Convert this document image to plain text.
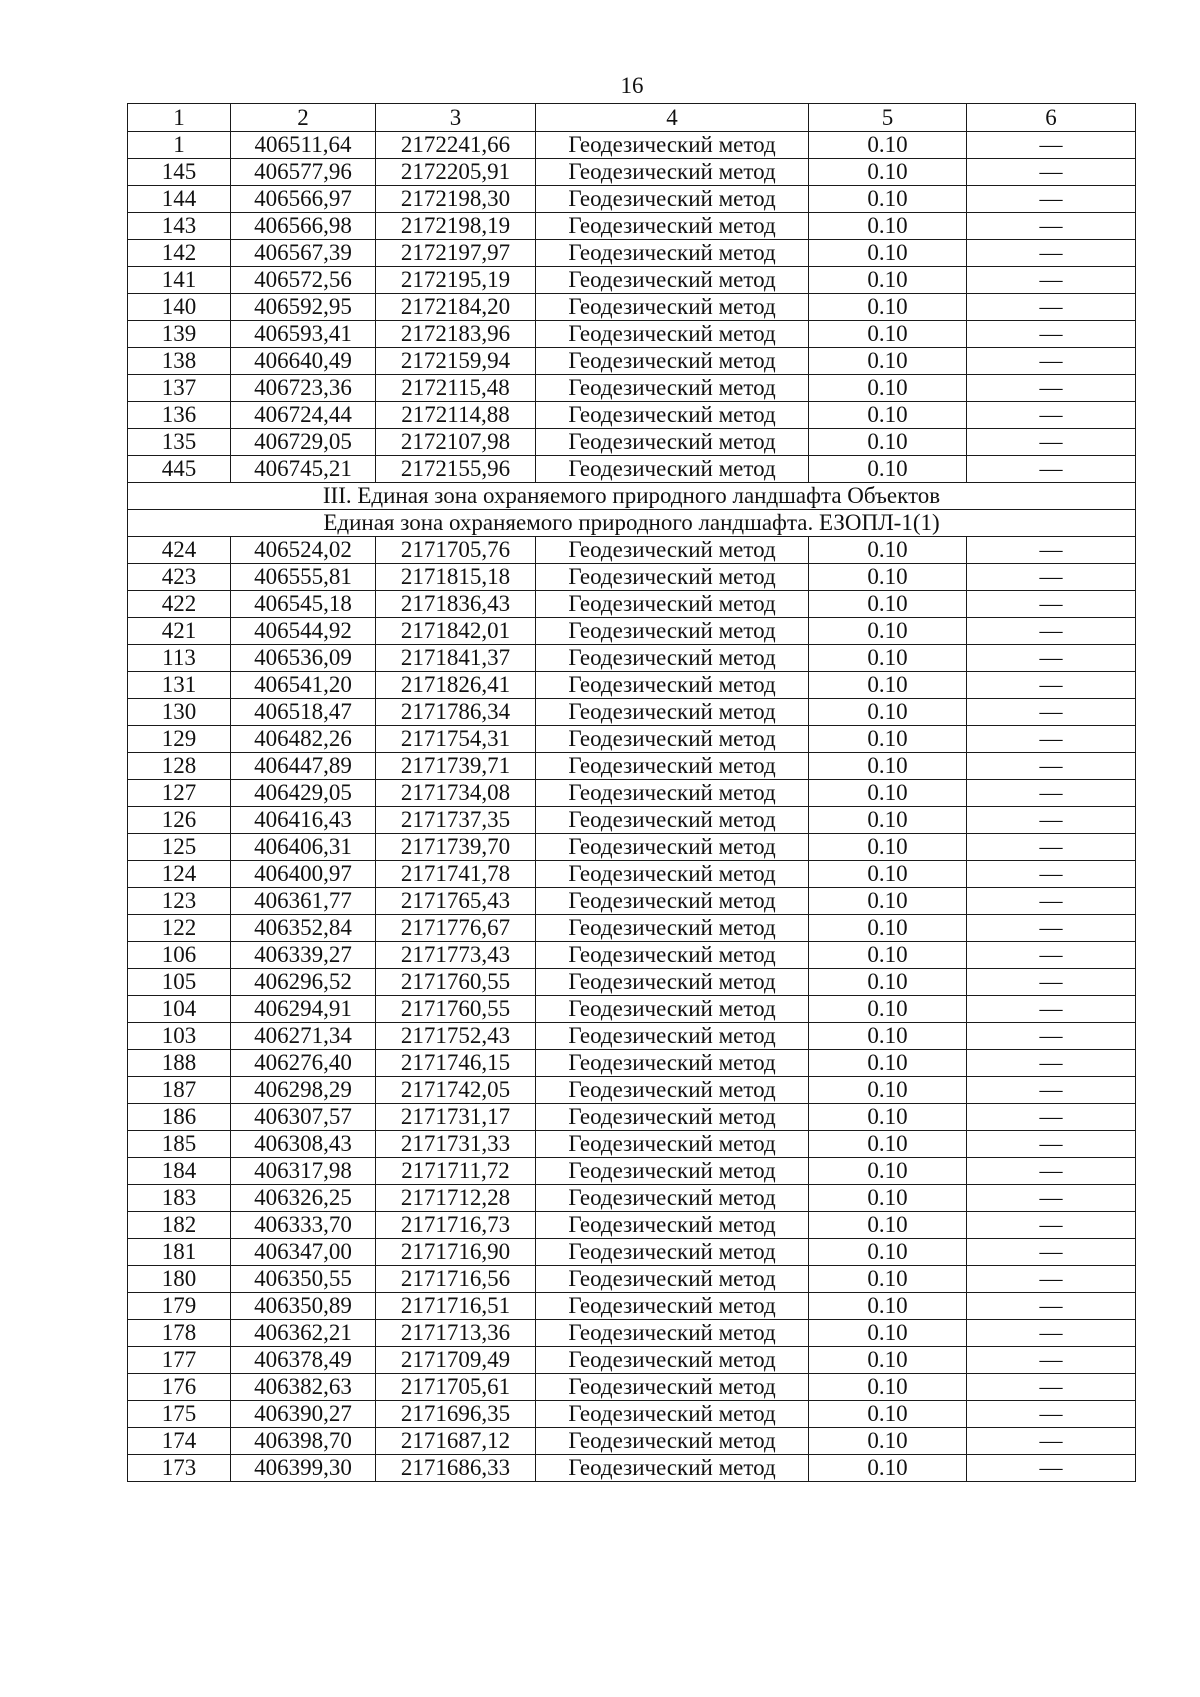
16
1	2	3	4	5	6
1	406511,64	2172241,66	Геодезический метод	0.10	—
145	406577,96	2172205,91	Геодезический метод	0.10	—
144	406566,97	2172198,30	Геодезический метод	0.10	—
143	406566,98	2172198,19	Геодезический метод	0.10	—
142	406567,39	2172197,97	Геодезический метод	0.10	—
141	406572,56	2172195,19	Геодезический метод	0.10	—
140	406592,95	2172184,20	Геодезический метод	0.10	—
139	406593,41	2172183,96	Геодезический метод	0.10	—
138	406640,49	2172159,94	Геодезический метод	0.10	—
137	406723,36	2172115,48	Геодезический метод	0.10	—
136	406724,44	2172114,88	Геодезический метод	0.10	—
135	406729,05	2172107,98	Геодезический метод	0.10	—
445	406745,21	2172155,96	Геодезический метод	0.10	—
III. Единая зона охраняемого природного ландшафта Объектов					
Единая зона охраняемого природного ландшафта. ЕЗОПЛ-1(1)					
424	406524,02	2171705,76	Геодезический метод	0.10	—
423	406555,81	2171815,18	Геодезический метод	0.10	—
422	406545,18	2171836,43	Геодезический метод	0.10	—
421	406544,92	2171842,01	Геодезический метод	0.10	—
113	406536,09	2171841,37	Геодезический метод	0.10	—
131	406541,20	2171826,41	Геодезический метод	0.10	—
130	406518,47	2171786,34	Геодезический метод	0.10	—
129	406482,26	2171754,31	Геодезический метод	0.10	—
128	406447,89	2171739,71	Геодезический метод	0.10	—
127	406429,05	2171734,08	Геодезический метод	0.10	—
126	406416,43	2171737,35	Геодезический метод	0.10	—
125	406406,31	2171739,70	Геодезический метод	0.10	—
124	406400,97	2171741,78	Геодезический метод	0.10	—
123	406361,77	2171765,43	Геодезический метод	0.10	—
122	406352,84	2171776,67	Геодезический метод	0.10	—
106	406339,27	2171773,43	Геодезический метод	0.10	—
105	406296,52	2171760,55	Геодезический метод	0.10	—
104	406294,91	2171760,55	Геодезический метод	0.10	—
103	406271,34	2171752,43	Геодезический метод	0.10	—
188	406276,40	2171746,15	Геодезический метод	0.10	—
187	406298,29	2171742,05	Геодезический метод	0.10	—
186	406307,57	2171731,17	Геодезический метод	0.10	—
185	406308,43	2171731,33	Геодезический метод	0.10	—
184	406317,98	2171711,72	Геодезический метод	0.10	—
183	406326,25	2171712,28	Геодезический метод	0.10	—
182	406333,70	2171716,73	Геодезический метод	0.10	—
181	406347,00	2171716,90	Геодезический метод	0.10	—
180	406350,55	2171716,56	Геодезический метод	0.10	—
179	406350,89	2171716,51	Геодезический метод	0.10	—
178	406362,21	2171713,36	Геодезический метод	0.10	—
177	406378,49	2171709,49	Геодезический метод	0.10	—
176	406382,63	2171705,61	Геодезический метод	0.10	—
175	406390,27	2171696,35	Геодезический метод	0.10	—
174	406398,70	2171687,12	Геодезический метод	0.10	—
173	406399,30	2171686,33	Геодезический метод	0.10	—
